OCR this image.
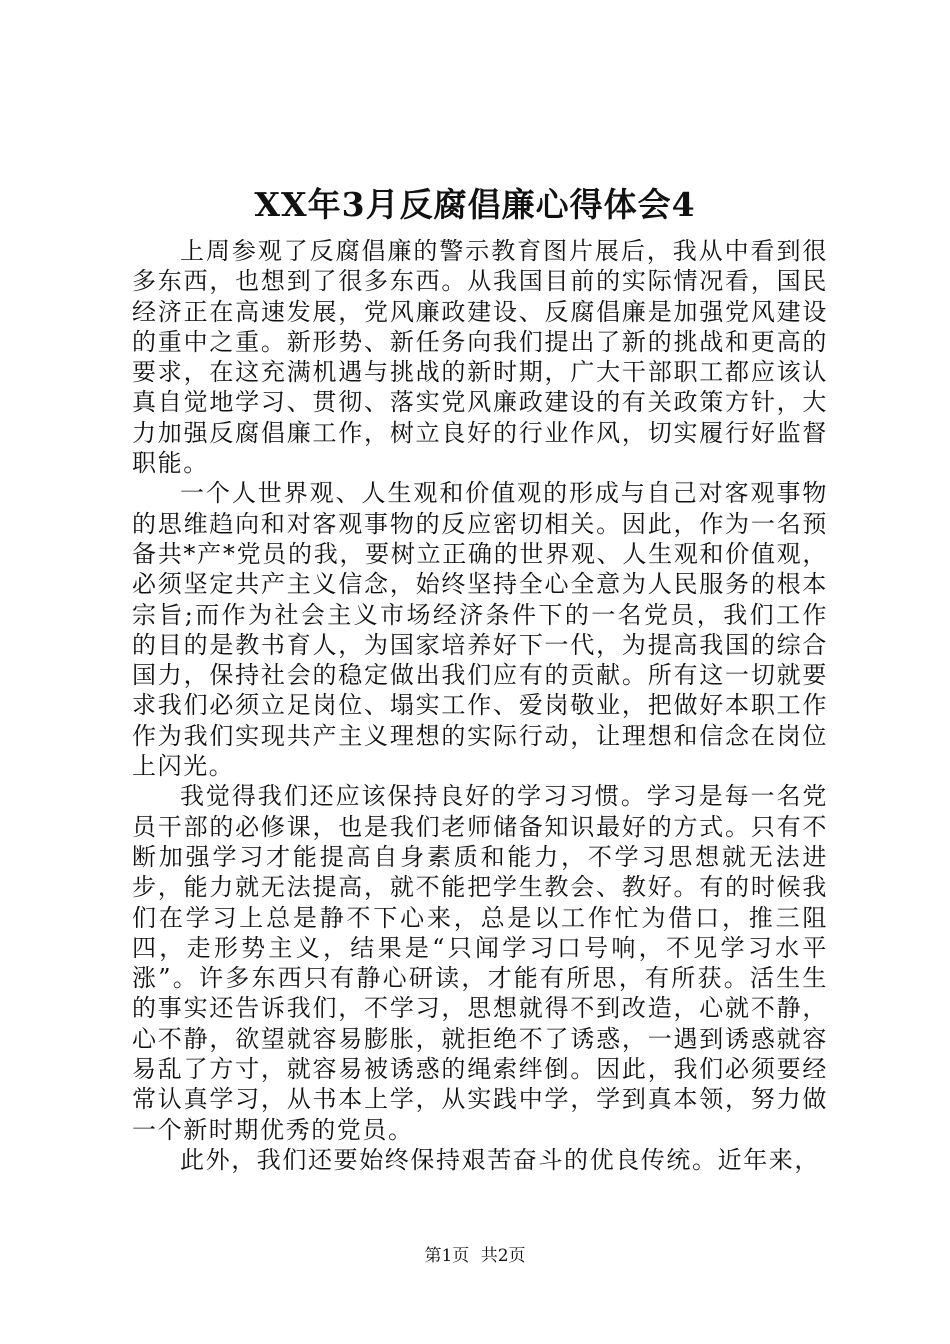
XX年3月反腐倡廉心得体会4

上周参观了反腐倡廉的警示教育图片展后，我从中看到很多东西，也想到了很多东西。从我国目前的实际情况看，国民经济正在高速发展，党风廉政建设、反腐倡廉是加强党风建设的重中之重。新形势、新任务向我们提出了新的挑战和更高的要求，在这充满机遇与挑战的新时期，广大干部职工都应该认真自觉地学习、贯彻、落实党风廉政建设的有关政策方针，大力加强反腐倡廉工作，树立良好的行业作风，切实履行好监督职能。

一个人世界观、人生观和价值观的形成与自己对客观事物的思维趋向和对客观事物的反应密切相关。因此，作为一名预备共*产*党员的我，要树立正确的世界观、人生观和价值观，必须坚定共产主义信念，始终坚持全心全意为人民服务的根本宗旨;而作为社会主义市场经济条件下的一名党员，我们工作的目的是教书育人，为国家培养好下一代，为提高我国的综合国力，保持社会的稳定做出我们应有的贡献。所有这一切就要求我们必须立足岗位、塌实工作、爱岗敬业，把做好本职工作作为我们实现共产主义理想的实际行动，让理想和信念在岗位上闪光。

我觉得我们还应该保持良好的学习习惯。学习是每一名党员干部的必修课，也是我们老师储备知识最好的方式。只有不断加强学习才能提高自身素质和能力，不学习思想就无法进步，能力就无法提高，就不能把学生教会、教好。有的时候我们在学习上总是静不下心来，总是以工作忙为借口，推三阻四，走形势主义，结果是“只闻学习口号响，不见学习水平涨”。许多东西只有静心研读，才能有所思，有所获。活生生的事实还告诉我们，不学习，思想就得不到改造，心就不静，心不静，欲望就容易膨胀，就拒绝不了诱惑，一遇到诱惑就容易乱了方寸，就容易被诱惑的绳索绊倒。因此，我们必须要经常认真学习，从书本上学，从实践中学，学到真本领，努力做一个新时期优秀的党员。

此外，我们还要始终保持艰苦奋斗的优良传统。近年来，

第1页 共2页
